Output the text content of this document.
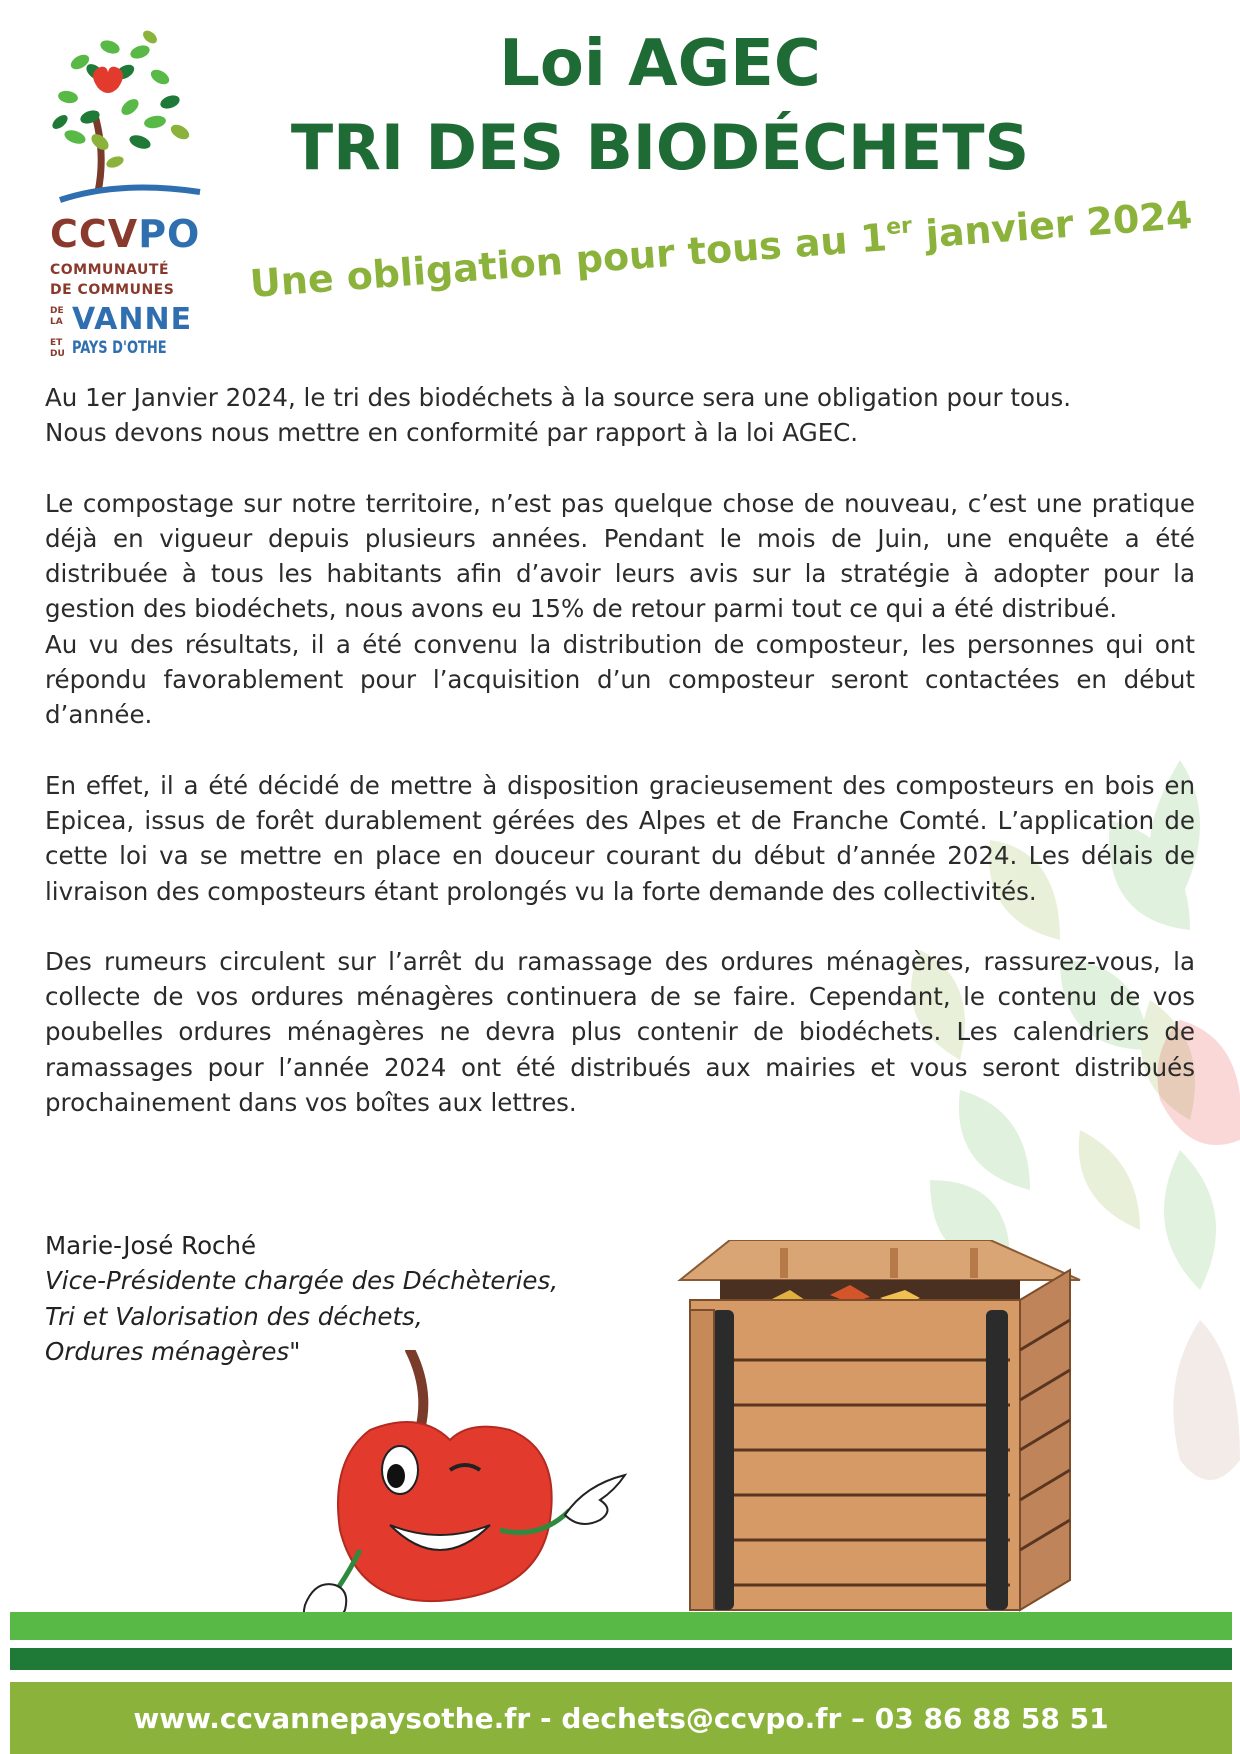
CCVPO
COMMUNAUTÉ
DE COMMUNES
DE
LA VANNE
ET
DU PAYS D'OTHE
Loi AGEC
TRI DES BIODÉCHETS
Une obligation pour tous au 1er janvier 2024

Au 1er Janvier 2024, le tri des biodéchets à la source sera une obligation pour tous.
Nous devons nous mettre en conformité par rapport à la loi AGEC.

Le compostage sur notre territoire, n’est pas quelque chose de nouveau, c’est une pratique déjà en vigueur depuis plusieurs années. Pendant le mois de Juin, une enquête a été distribuée à tous les habitants afin d’avoir leurs avis sur la stratégie à adopter pour la gestion des biodéchets, nous avons eu 15% de retour parmi tout ce qui a été distribué.

Au vu des résultats, il a été convenu la distribution de composteur, les personnes qui ont répondu favorablement pour l’acquisition d’un composteur seront contactées en début d’année.

En effet, il a été décidé de mettre à disposition gracieusement des composteurs en bois en Epicea, issus de forêt durablement gérées des Alpes et de Franche Comté. L’application de cette loi va se mettre en place en douceur courant du début d’année 2024. Les délais de livraison des composteurs étant prolongés vu la forte demande des collectivités.

Des rumeurs circulent sur l’arrêt du ramassage des ordures ménagères, rassurez-vous, la collecte de vos ordures ménagères continuera de se faire. Cependant, le contenu de vos poubelles ordures ménagères ne devra plus contenir de biodéchets. Les calendriers de ramassages pour l’année 2024 ont été distribués aux mairies et vous seront distribués prochainement dans vos boîtes aux lettres.

Marie-José Roché
Vice-Présidente chargée des Déchèteries,
Tri et Valorisation des déchets,
Ordures ménagères"
www.ccvannepaysothe.fr - dechets@ccvpo.fr – 03 86 88 58 51
